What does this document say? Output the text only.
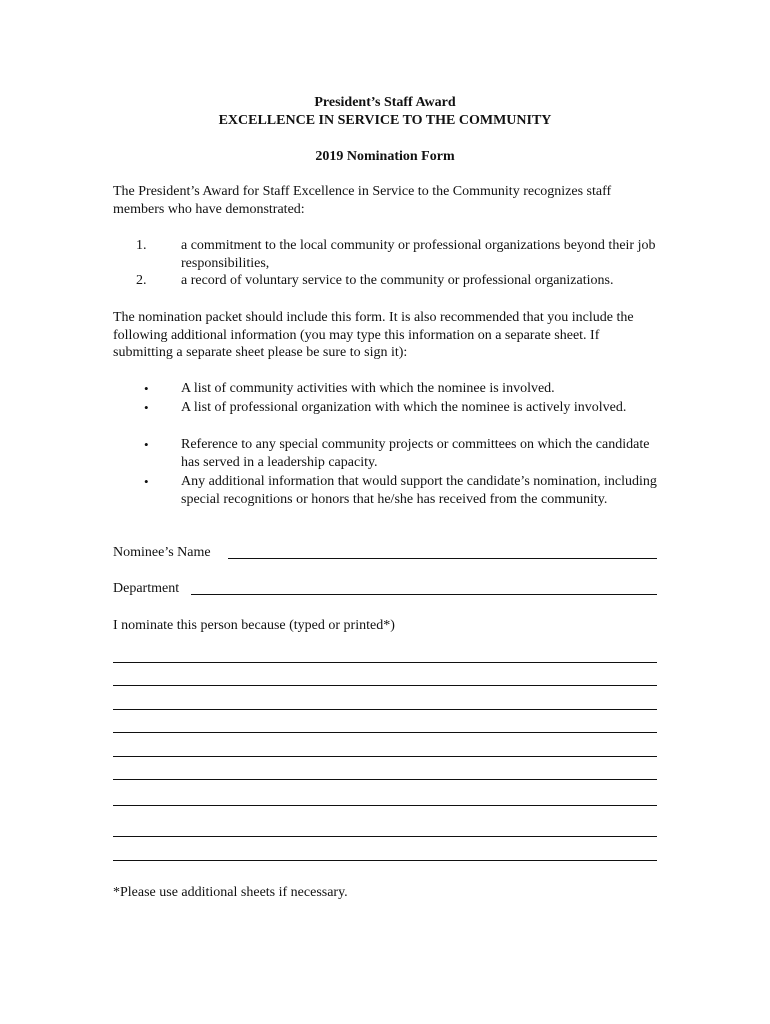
President’s Staff Award
EXCELLENCE IN SERVICE TO THE COMMUNITY
2019 Nomination Form
The President’s Award for Staff Excellence in Service to the Community recognizes staff members who have demonstrated:
1. a commitment to the local community or professional organizations beyond their job responsibilities,
2. a record of voluntary service to the community or professional organizations.
The nomination packet should include this form. It is also recommended that you include the following additional information (you may type this information on a separate sheet. If submitting a separate sheet please be sure to sign it):
• A list of community activities with which the nominee is involved.
• A list of professional organization with which the nominee is actively involved.
• Reference to any special community projects or committees on which the candidate has served in a leadership capacity.
• Any additional information that would support the candidate’s nomination, including special recognitions or honors that he/she has received from the community.
Nominee’s Name
Department
I nominate this person because (typed or printed*)
*Please use additional sheets if necessary.
